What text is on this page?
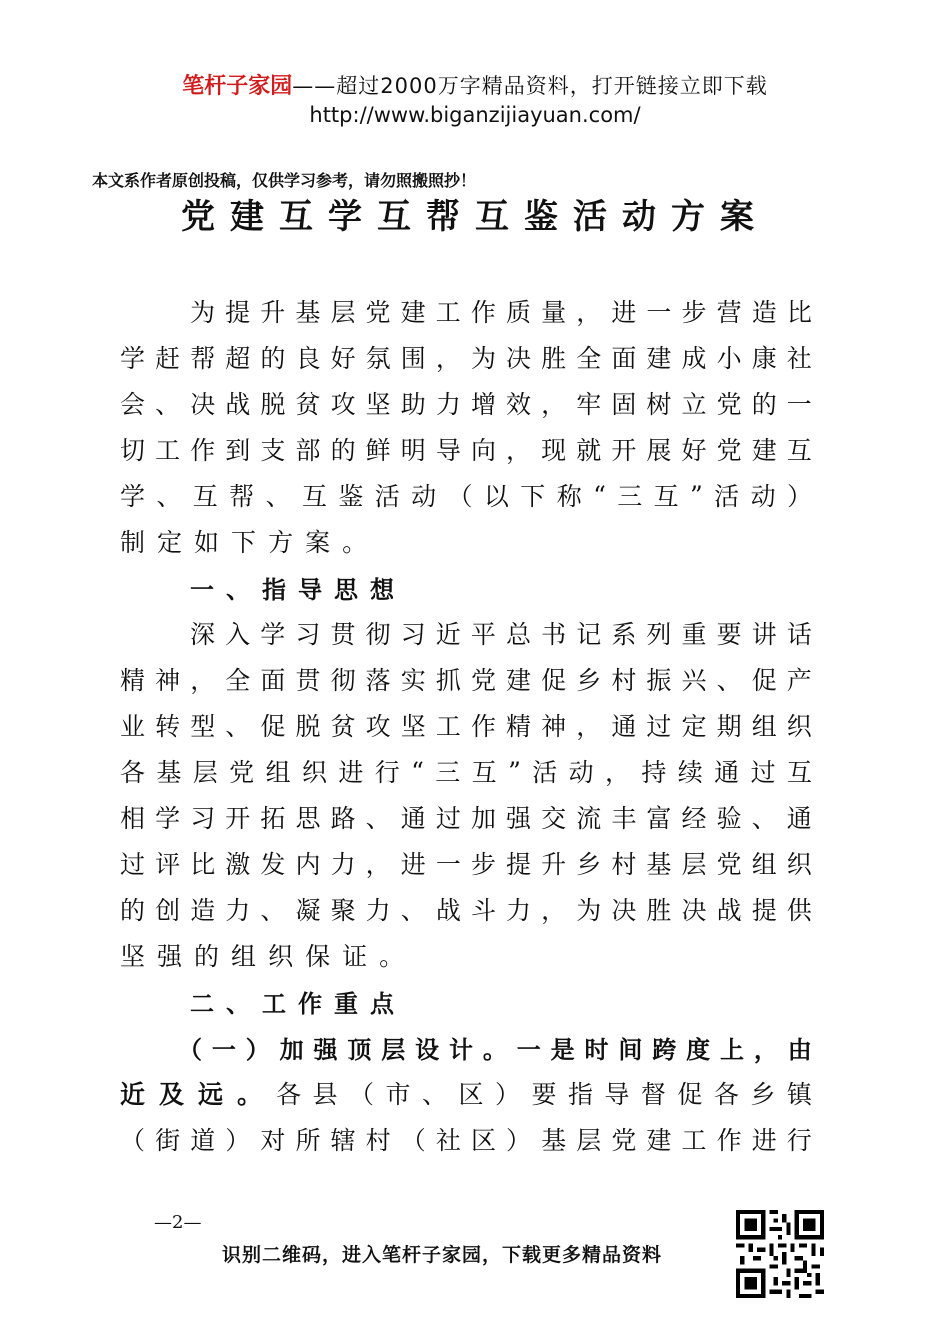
笔杆子家园——超过2000万字精品资料，打开链接立即下载
http://www.biganzijiayuan.com/
本文系作者原创投稿，仅供学习参考，请勿照搬照抄！
党建互学互帮互鉴活动方案
为 提 升 基 层 党 建 工 作 质 量 ， 进 一 步 营 造 比
学 赶 帮 超 的 良 好 氛 围 ， 为 决 胜 全 面 建 成 小 康 社
会 、 决 战 脱 贫 攻 坚 助 力 增 效 ， 牢 固 树 立 党 的 一
切 工 作 到 支 部 的 鲜 明 导 向 ， 现 就 开 展 好 党 建 互
学 、 互 帮 、 互 鉴 活 动 （ 以 下 称 “ 三 互 ” 活 动 ）
制 定 如 下 方 案 。
一 、 指 导 思 想
深 入 学 习 贯 彻 习 近 平 总 书 记 系 列 重 要 讲 话
精 神 ， 全 面 贯 彻 落 实 抓 党 建 促 乡 村 振 兴 、 促 产
业 转 型 、 促 脱 贫 攻 坚 工 作 精 神 ， 通 过 定 期 组 织
各 基 层 党 组 织 进 行 “ 三 互 ” 活 动 ， 持 续 通 过 互
相 学 习 开 拓 思 路 、 通 过 加 强 交 流 丰 富 经 验 、 通
过 评 比 激 发 内 力 ， 进 一 步 提 升 乡 村 基 层 党 组 织
的 创 造 力 、 凝 聚 力 、 战 斗 力 ， 为 决 胜 决 战 提 供
坚 强 的 组 织 保 证 。
二 、 工 作 重 点
（ 一 ） 加 强 顶 层 设 计 。 一 是 时 间 跨 度 上 ， 由
近 及 远 。 各 县 （ 市 、 区 ） 要 指 导 督 促 各 乡 镇
（ 街 道 ） 对 所 辖 村 （ 社 区 ） 基 层 党 建 工 作 进 行
—2—
识别二维码，进入笔杆子家园，下载更多精品资料
